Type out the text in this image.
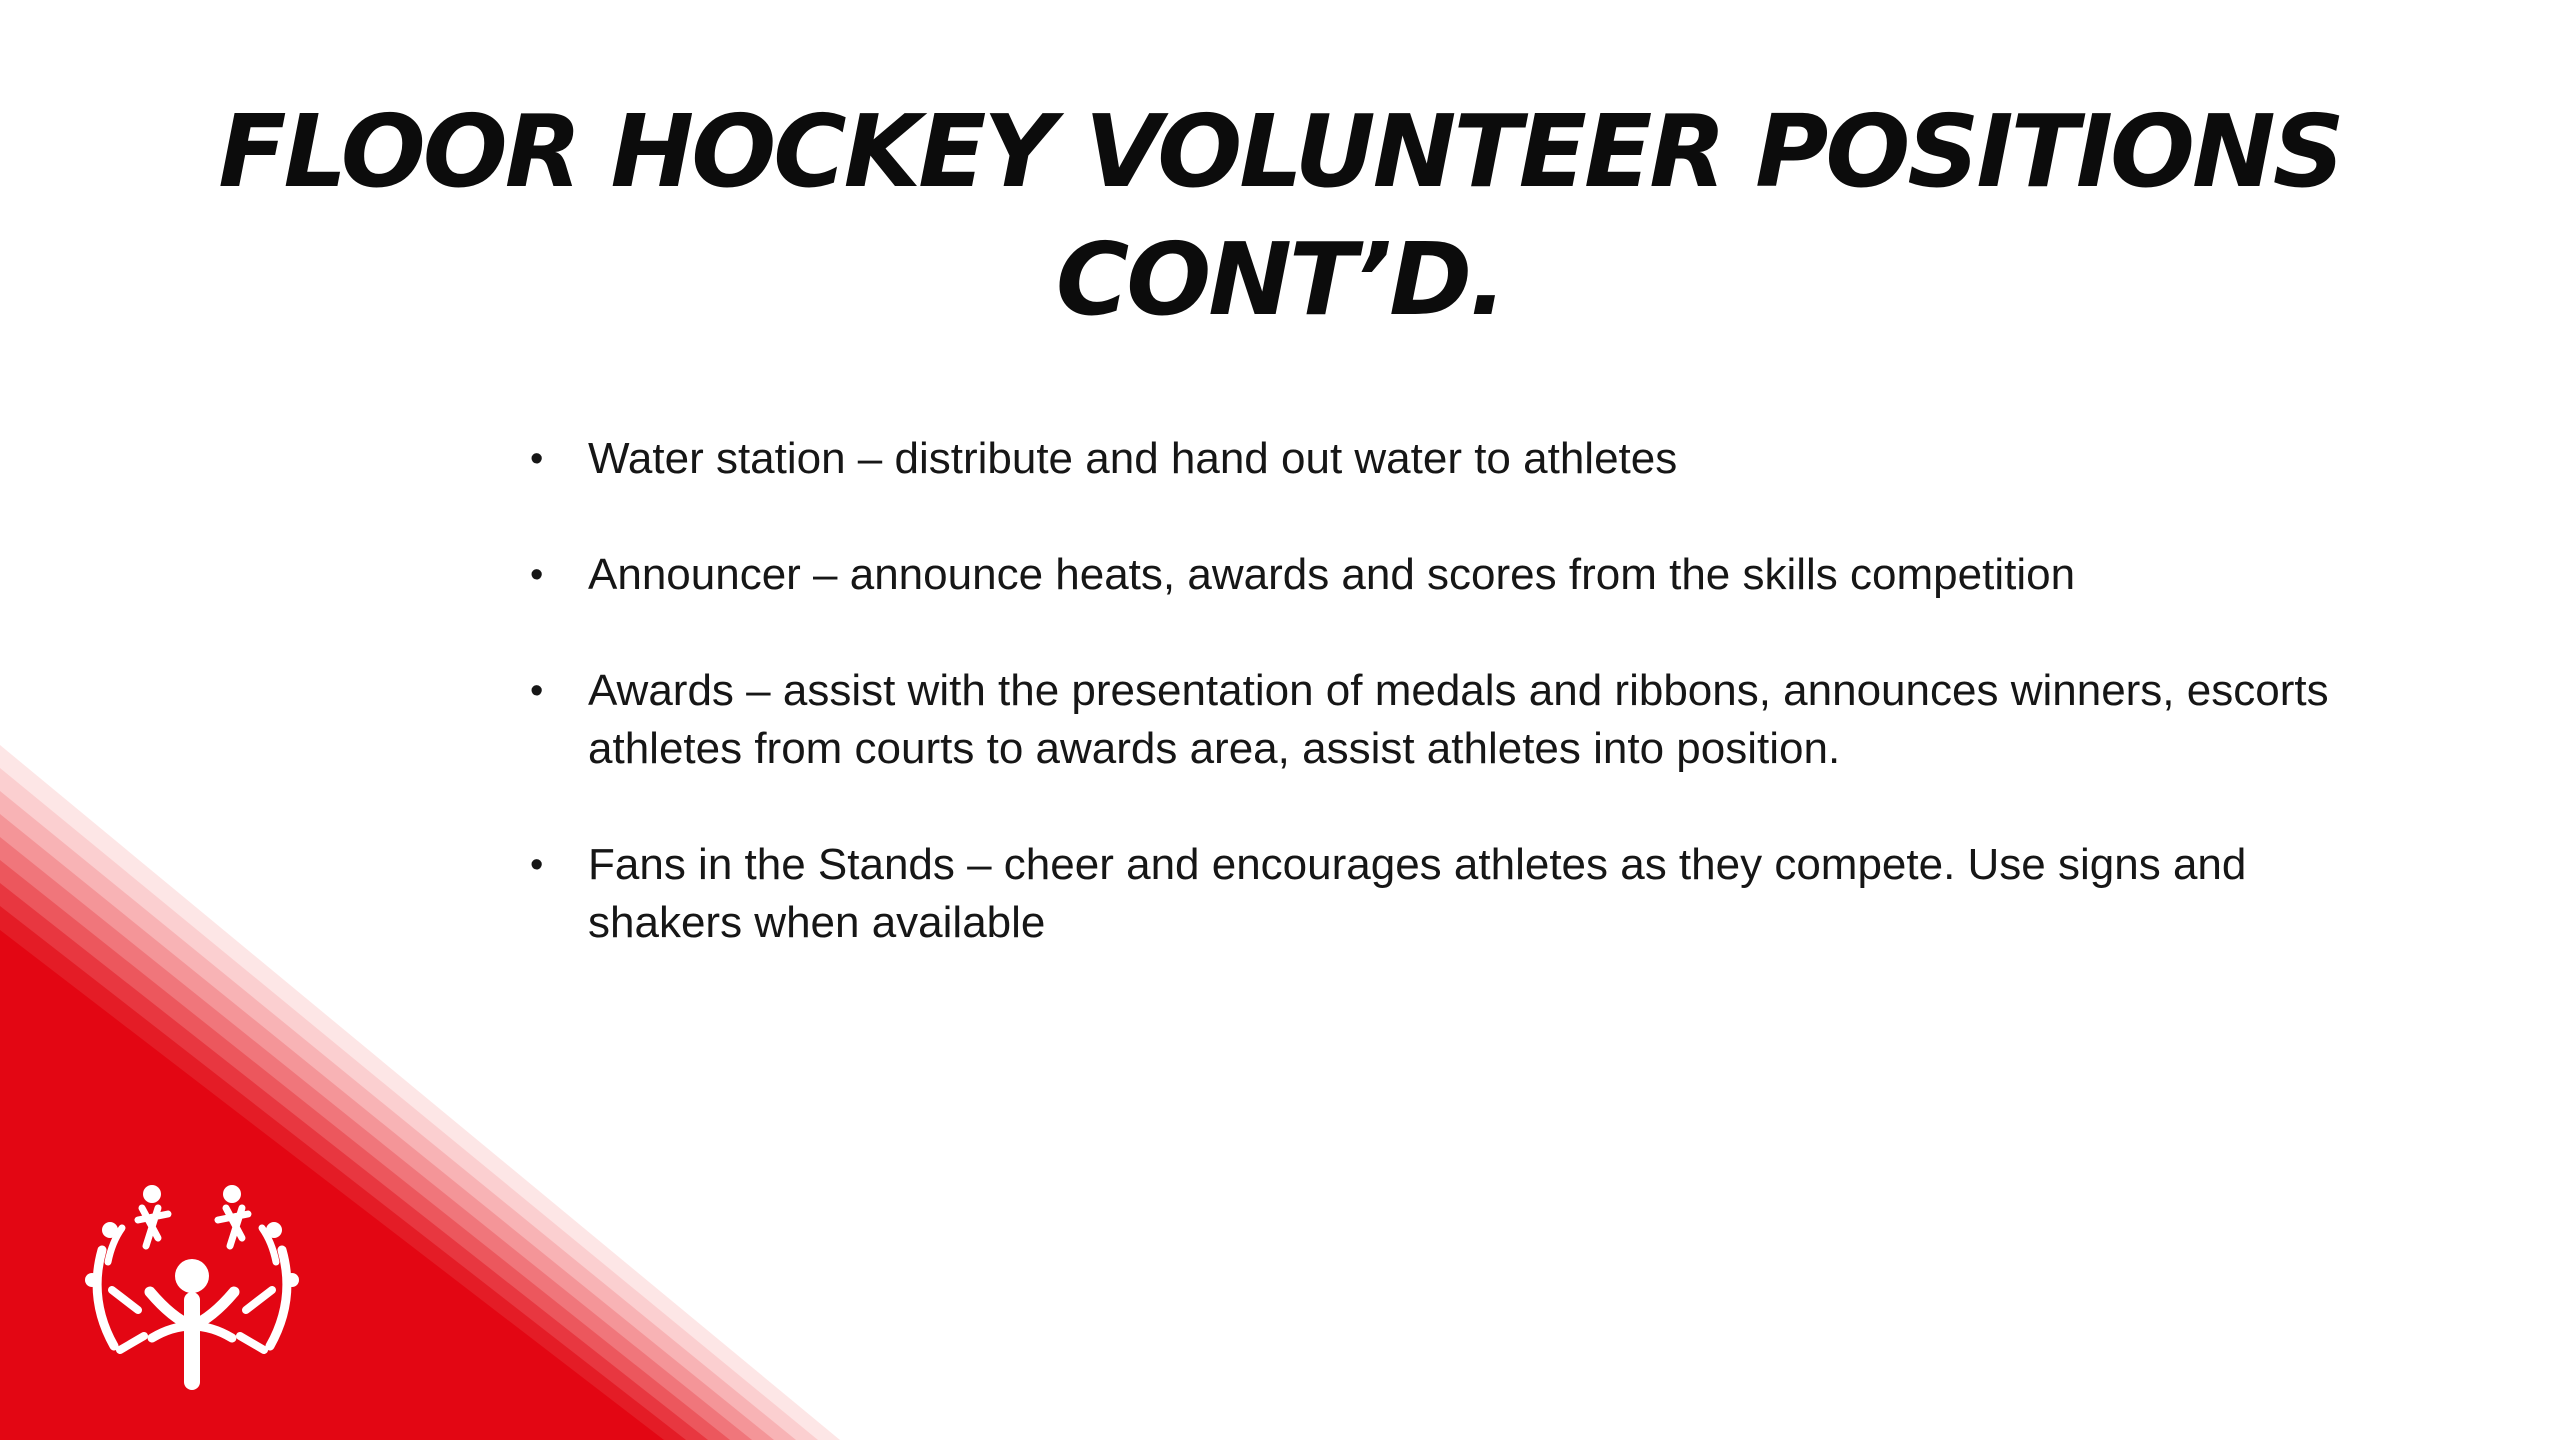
FLOOR HOCKEY VOLUNTEER POSITIONS
CONT’D.
• Water station – distribute and hand out water to athletes
• Announcer – announce heats, awards and scores from the skills competition
• Awards – assist with the presentation of medals and ribbons, announces winners, escorts athletes from courts to awards area, assist athletes into position.
• Fans in the Stands – cheer and encourages athletes as they compete. Use signs and shakers when available
